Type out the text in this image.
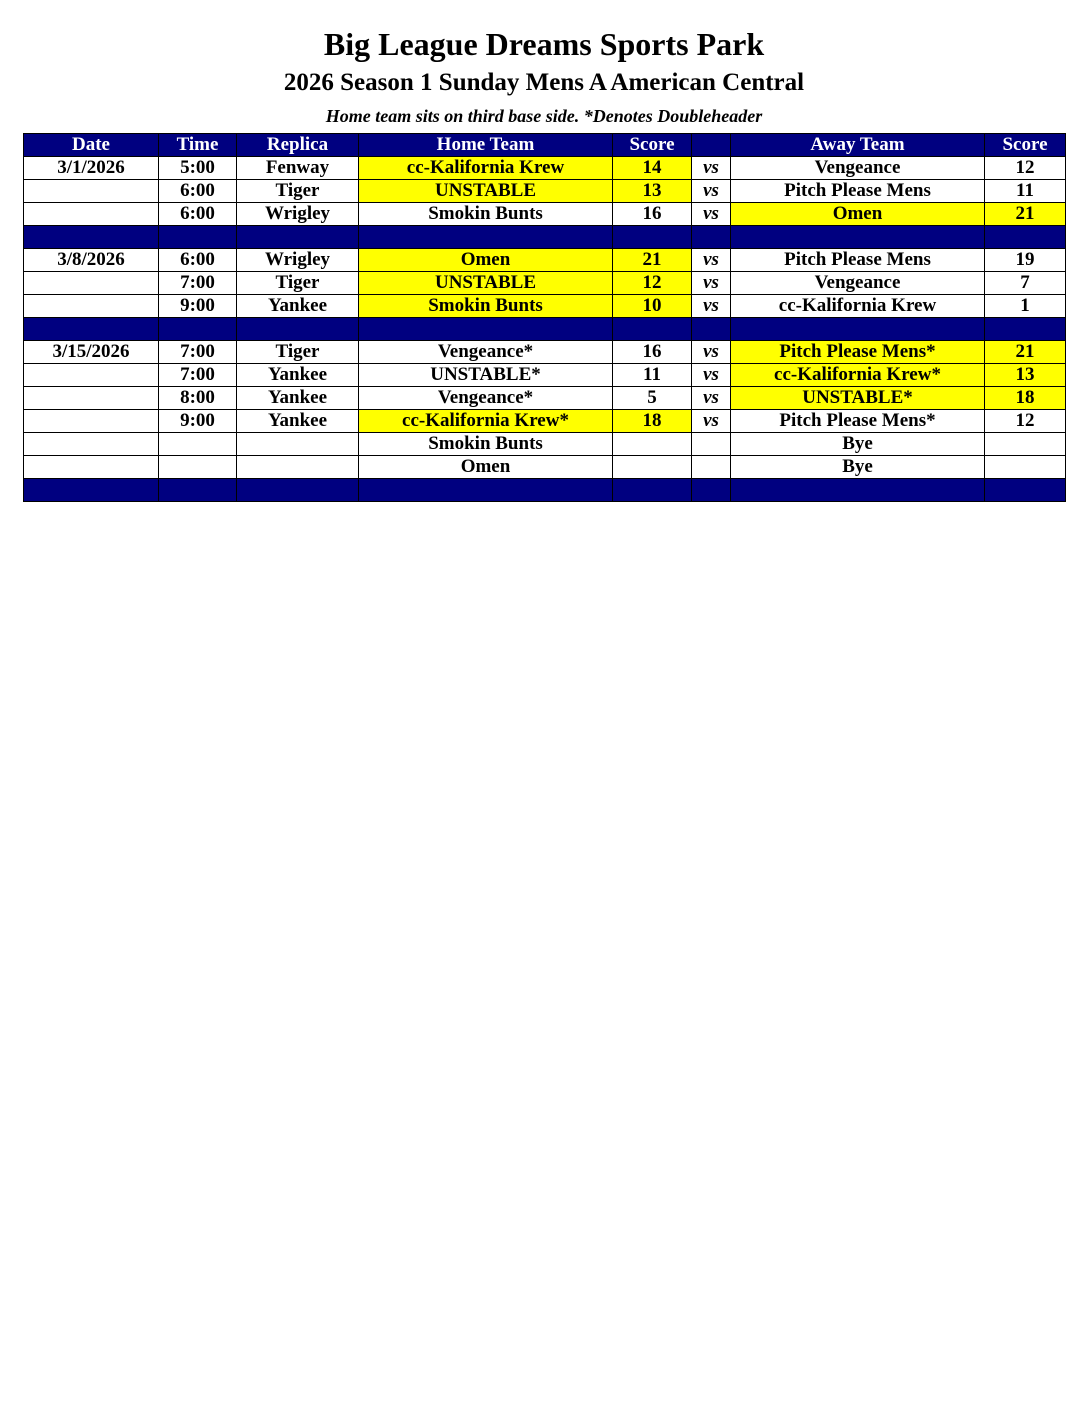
Big League Dreams Sports Park
2026 Season 1 Sunday Mens A American Central
Home team sits on third base side. *Denotes Doubleheader
Date	Time	Replica	Home Team	Score		Away Team	Score
3/1/2026	5:00	Fenway	cc-Kalifornia Krew	14	vs	Vengeance	12
	6:00	Tiger	UNSTABLE	13	vs	Pitch Please Mens	11
	6:00	Wrigley	Smokin Bunts	16	vs	Omen	21

3/8/2026	6:00	Wrigley	Omen	21	vs	Pitch Please Mens	19
	7:00	Tiger	UNSTABLE	12	vs	Vengeance	7
	9:00	Yankee	Smokin Bunts	10	vs	cc-Kalifornia Krew	1

3/15/2026	7:00	Tiger	Vengeance*	16	vs	Pitch Please Mens*	21
	7:00	Yankee	UNSTABLE*	11	vs	cc-Kalifornia Krew*	13
	8:00	Yankee	Vengeance*	5	vs	UNSTABLE*	18
	9:00	Yankee	cc-Kalifornia Krew*	18	vs	Pitch Please Mens*	12
			Smokin Bunts			Bye	
			Omen			Bye	
